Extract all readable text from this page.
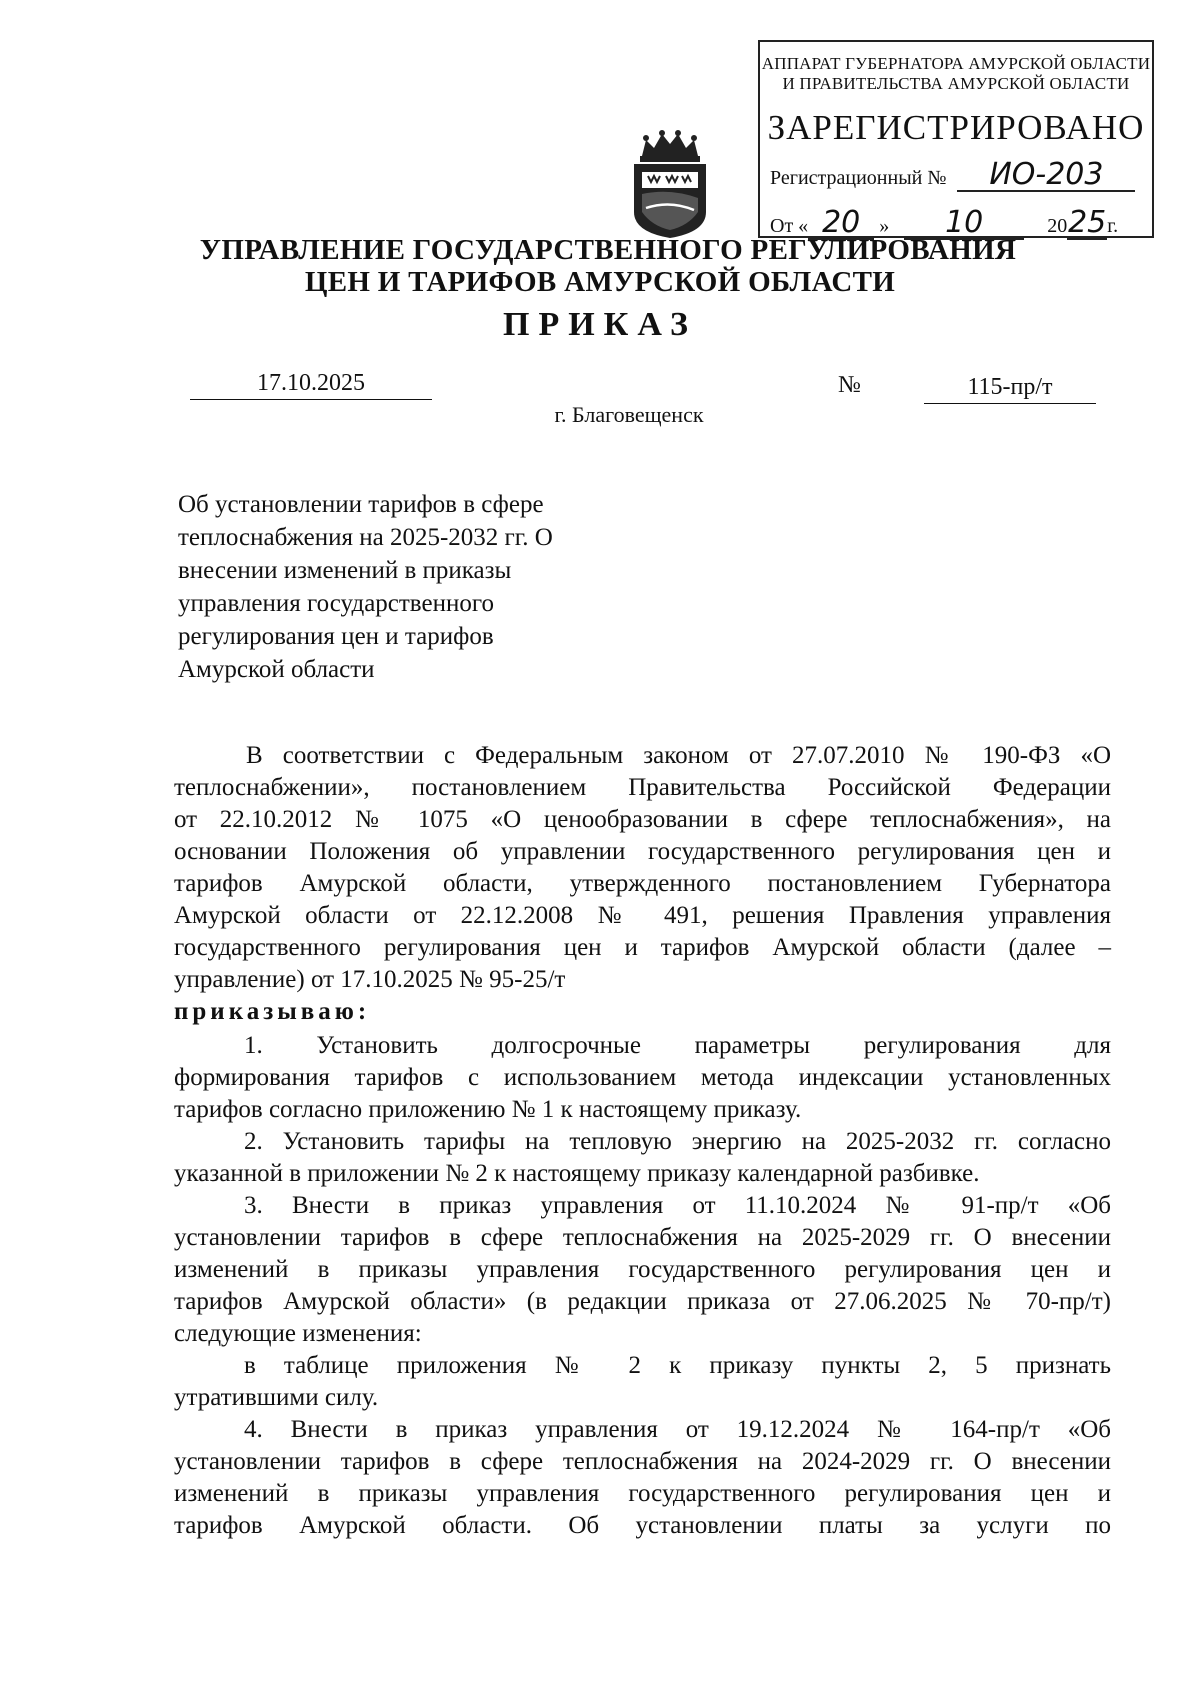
АППАРАТ ГУБЕРНАТОРА АМУРСКОЙ ОБЛАСТИ
И ПРАВИТЕЛЬСТВА АМУРСКОЙ ОБЛАСТИ
ЗАРЕГИСТРИРОВАНО
Регистрационный № ИО-203
От « 20 » 10	2025г.
УПРАВЛЕНИЕ ГОСУДАРСТВЕННОГО РЕГУЛИРОВАНИЯ
ЦЕН И ТАРИФОВ АМУРСКОЙ ОБЛАСТИ
ПРИКАЗ
17.10.2025	№	115-пр/т
г. Благовещенск
Об установлении тарифов в сфере
теплоснабжения на 2025-2032 гг. О
внесении изменений в приказы
управления государственного
регулирования цен и тарифов
Амурской области
В соответствии с Федеральным законом от 27.07.2010 № 190-ФЗ «О
теплоснабжении», постановлением Правительства Российской Федерации
от 22.10.2012 № 1075 «О ценообразовании в сфере теплоснабжения», на
основании Положения об управлении государственного регулирования цен и
тарифов Амурской области, утвержденного постановлением Губернатора
Амурской области от 22.12.2008 № 491, решения Правления управления
государственного регулирования цен и тарифов Амурской области (далее –
управление) от 17.10.2025 № 95-25/т
приказываю:
1. Установить долгосрочные параметры регулирования для
формирования тарифов с использованием метода индексации установленных
тарифов согласно приложению № 1 к настоящему приказу.
2. Установить тарифы на тепловую энергию на 2025-2032 гг. согласно
указанной в приложении № 2 к настоящему приказу календарной разбивке.
3. Внести в приказ управления от 11.10.2024 № 91-пр/т «Об
установлении тарифов в сфере теплоснабжения на 2025-2029 гг. О внесении
изменений в приказы управления государственного регулирования цен и
тарифов Амурской области» (в редакции приказа от 27.06.2025 № 70-пр/т)
следующие изменения:
в таблице приложения № 2 к приказу пункты 2, 5 признать
утратившими силу.
4. Внести в приказ управления от 19.12.2024 № 164-пр/т «Об
установлении тарифов в сфере теплоснабжения на 2024-2029 гг. О внесении
изменений в приказы управления государственного регулирования цен и
тарифов Амурской области. Об установлении платы за услуги по
